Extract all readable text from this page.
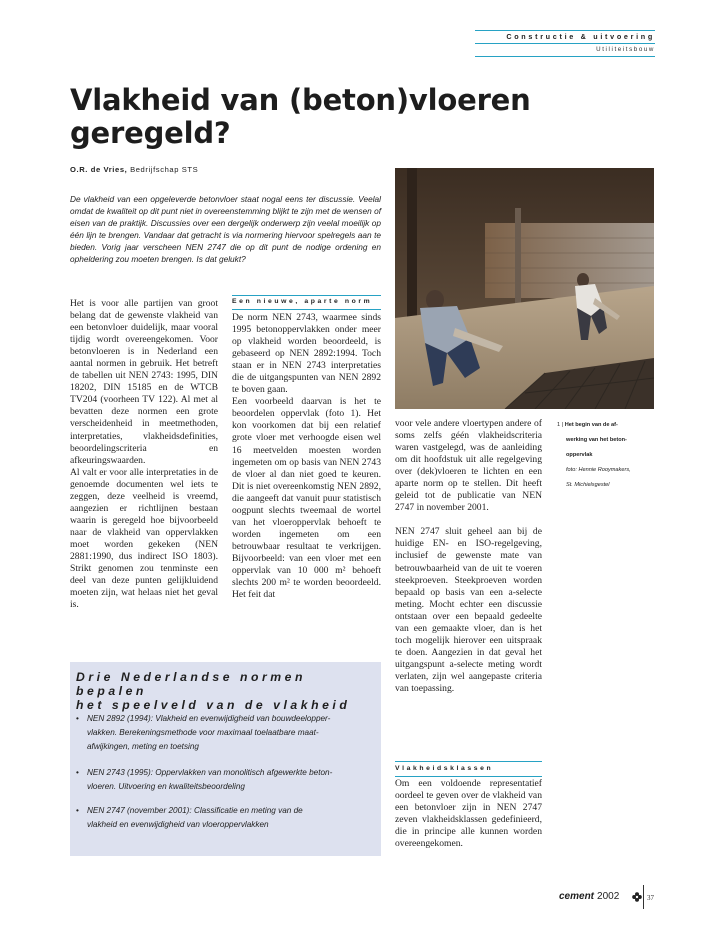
Constructie & uitvoering
Utiliteitsbouw
Vlakheid van (beton)vloeren
geregeld?
O.R. de Vries, Bedrijfschap STS

De vlakheid van een opgeleverde betonvloer staat nogal eens ter discussie. Veelal omdat de kwaliteit op dit punt niet in overeenstemming blijkt te zijn met de wensen of eisen van de praktijk. Discussies over een dergelijk onderwerp zijn veelal moeilijk op één lijn te brengen. Vandaar dat getracht is via normering hiervoor spelregels aan te bieden. Vorig jaar verscheen NEN 2747 die op dit punt de nodige ordening en opheldering zou moeten brengen. Is dat gelukt?

Het is voor alle partijen van groot belang dat de gewenste vlakheid van een betonvloer duidelijk, maar vooral tijdig wordt overeengekomen. Voor betonvloeren is in Nederland een aantal normen in gebruik. Het betreft de tabellen uit NEN 2743: 1995, DIN 18202, DIN 15185 en de WTCB TV204 (voorheen TV 122). Al met al bevatten deze normen een grote verscheidenheid in meetmethoden, interpretaties, vlakheidsdefinities, beoordelingscriteria en afkeuringswaarden.

Al valt er voor alle interpretaties in de genoemde documenten wel iets te zeggen, deze veelheid is vreemd, aangezien er richtlijnen bestaan waarin is geregeld hoe bijvoorbeeld naar de vlakheid van oppervlakken moet worden gekeken (NEN 2881:1990, dus indirect ISO 1803). Strikt genomen zou tenminste een deel van deze punten gelijkluidend moeten zijn, wat helaas niet het geval is.

Een nieuwe, aparte norm

De norm NEN 2743, waarmee sinds 1995 betonoppervlakken onder meer op vlakheid worden beoordeeld, is gebaseerd op NEN 2892:1994. Toch staan er in NEN 2743 interpretaties die de uitgangspunten van NEN 2892 te boven gaan.

Een voorbeeld daarvan is het te beoordelen oppervlak (foto 1). Het kon voorkomen dat bij een relatief grote vloer met verhoogde eisen wel 16 meetvelden moesten worden ingemeten om op basis van NEN 2743 de vloer al dan niet goed te keuren. Dit is niet overeenkomstig NEN 2892, die aangeeft dat vanuit puur statistisch oogpunt slechts tweemaal de wortel van het vloeroppervlak behoeft te worden ingemeten om een betrouwbaar resultaat te verkrijgen. Bijvoorbeeld: van een vloer met een oppervlak van 10 000 m² behoeft slechts 200 m² te worden beoordeeld. Het feit dat

voor vele andere vloertypen andere of soms zelfs géén vlakheidscriteria waren vastgelegd, was de aanleiding om dit hoofdstuk uit alle regelgeving over (dek)vloeren te lichten en een aparte norm op te stellen. Dit heeft geleid tot de publicatie van NEN 2747 in november 2001.

NEN 2747 sluit geheel aan bij de huidige EN- en ISO-regelgeving, inclusief de gewenste mate van betrouwbaarheid van de uit te voeren steekproeven. Steekproeven worden bepaald op basis van een a-selecte meting. Mocht echter een discussie ontstaan over een bepaald gedeelte van een gemaakte vloer, dan is het toch mogelijk hierover een uitspraak te doen. Aangezien in dat geval het uitgangspunt a-selecte meting wordt verlaten, zijn wel aangepaste criteria van toepassing.

Vlakheidsklassen

Om een voldoende representatief oordeel te geven over de vlakheid van een betonvloer zijn in NEN 2747 zeven vlakheidsklassen gedefinieerd, die in principe alle kunnen worden overeengekomen.

1 | Het begin van de af-
werking van het beton-
oppervlak
foto: Hennie Rooymakers,
St. Michielsgestel
Drie Nederlandse normen bepalen
het speelveld van de vlakheid
• NEN 2892 (1994): Vlakheid en evenwijdigheid van bouwdeelopper-
vlakken. Berekeningsmethode voor maximaal toelaatbare maat-
afwijkingen, meting en toetsing
• NEN 2743 (1995): Oppervlakken van monolitisch afgewerkte beton-
vloeren. Uitvoering en kwaliteitsbeoordeling
• NEN 2747 (november 2001): Classificatie en meting van de
vlakheid en evenwijdigheid van vloeroppervlakken
cement 2002	37
